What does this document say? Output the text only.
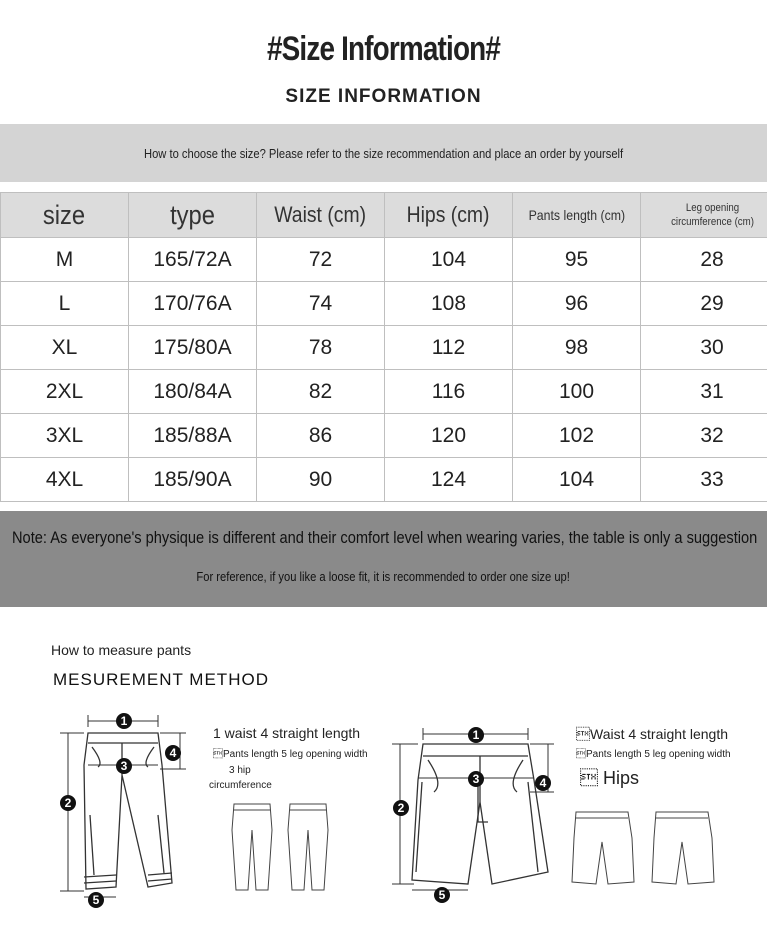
#Size Information#
SIZE INFORMATION
How to choose the size? Please refer to the size recommendation and place an order by yourself
size	type	Waist (cm)	Hips (cm)	Pants length (cm)	Leg opening circumference (cm)
M	165/72A	72	104	95	28
L	170/76A	74	108	96	29
XL	175/80A	78	112	98	30
2XL	180/84A	82	116	100	31
3XL	185/88A	86	120	102	32
4XL	185/90A	90	124	104	33
Note: As everyone's physique is different and their comfort level when wearing varies, the table is only a suggestion
For reference, if you like a loose fit, it is recommended to order one size up!
How to measure pants
MESUREMENT METHOD
1
2
3
4
5
1 waist 4 straight length
Pants length 5 leg opening width
3 hip
circumference
1
2
3	4
5
Waist 4 straight length
Pants length 5 leg opening width
 Hips
